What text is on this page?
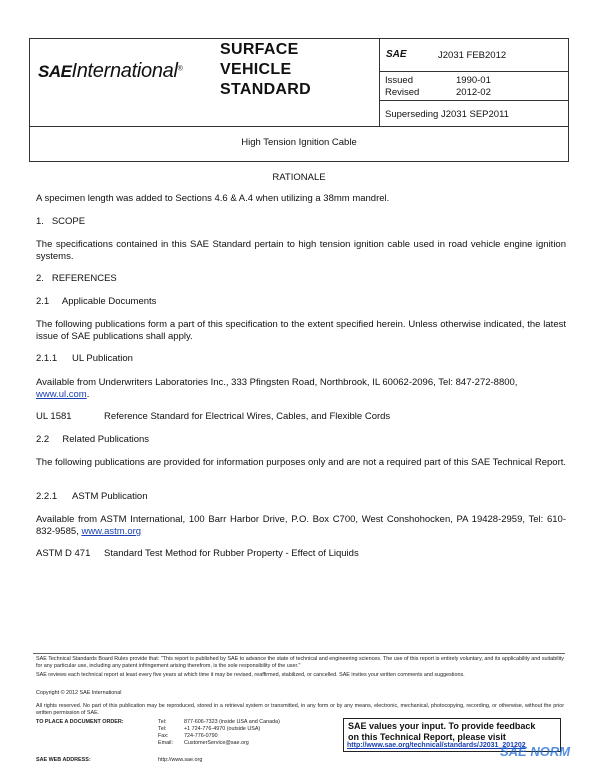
SAEInternational®
SURFACE
VEHICLE
STANDARD
SAE	J2031 FEB2012
Issued	1990-01
Revised	2012-02
Superseding J2031 SEP2011
High Tension Ignition Cable
RATIONALE
A specimen length was added to Sections 4.6 & A.4 when utilizing a 38mm mandrel.
1.   SCOPE
The specifications contained in this SAE Standard pertain to high tension ignition cable used in road vehicle engine ignition systems.
2.   REFERENCES
2.1     Applicable Documents
The following publications form a part of this specification to the extent specified herein. Unless otherwise indicated, the latest issue of SAE publications shall apply.
2.1.1 UL Publication
Available from Underwriters Laboratories Inc., 333 Pfingsten Road, Northbrook, IL 60062-2096, Tel: 847-272-8800,
www.ul.com.
UL 1581	Reference Standard for Electrical Wires, Cables, and Flexible Cords
2.2     Related Publications
The following publications are provided for information purposes only and are not a required part of this SAE Technical Report.
2.2.1 ASTM Publication
Available from ASTM International, 100 Barr Harbor Drive, P.O. Box C700, West Conshohocken, PA 19428-2959, Tel: 610-832-9585, www.astm.org
ASTM D 471 Standard Test Method for Rubber Property - Effect of Liquids
SAE Technical Standards Board Rules provide that: "This report is published by SAE to advance the state of technical and engineering sciences. The use of this report is entirely voluntary, and its applicability and suitability for any particular use, including any patent infringement arising therefrom, is the sole responsibility of the user."
SAE reviews each technical report at least every five years at which time it may be revised, reaffirmed, stabilized, or cancelled. SAE invites your written comments and suggestions.
Copyright © 2012 SAE International
All rights reserved. No part of this publication may be reproduced, stored in a retrieval system or transmitted, in any form or by any means, electronic, mechanical, photocopying, recording, or otherwise, without the prior written permission of SAE.
TO PLACE A DOCUMENT ORDER:	Tel:	877-606-7323 (inside USA and Canada)
Tel:	+1 724-776-4970 (outside USA)
Fax:	724-776-0790
Email: CustomerService@sae.org
SAE WEB ADDRESS:	http://www.sae.org
SAE values your input. To provide feedback
on this Technical Report, please visit
http://www.sae.org/technical/standards/J2031_201202
SAE NORM
